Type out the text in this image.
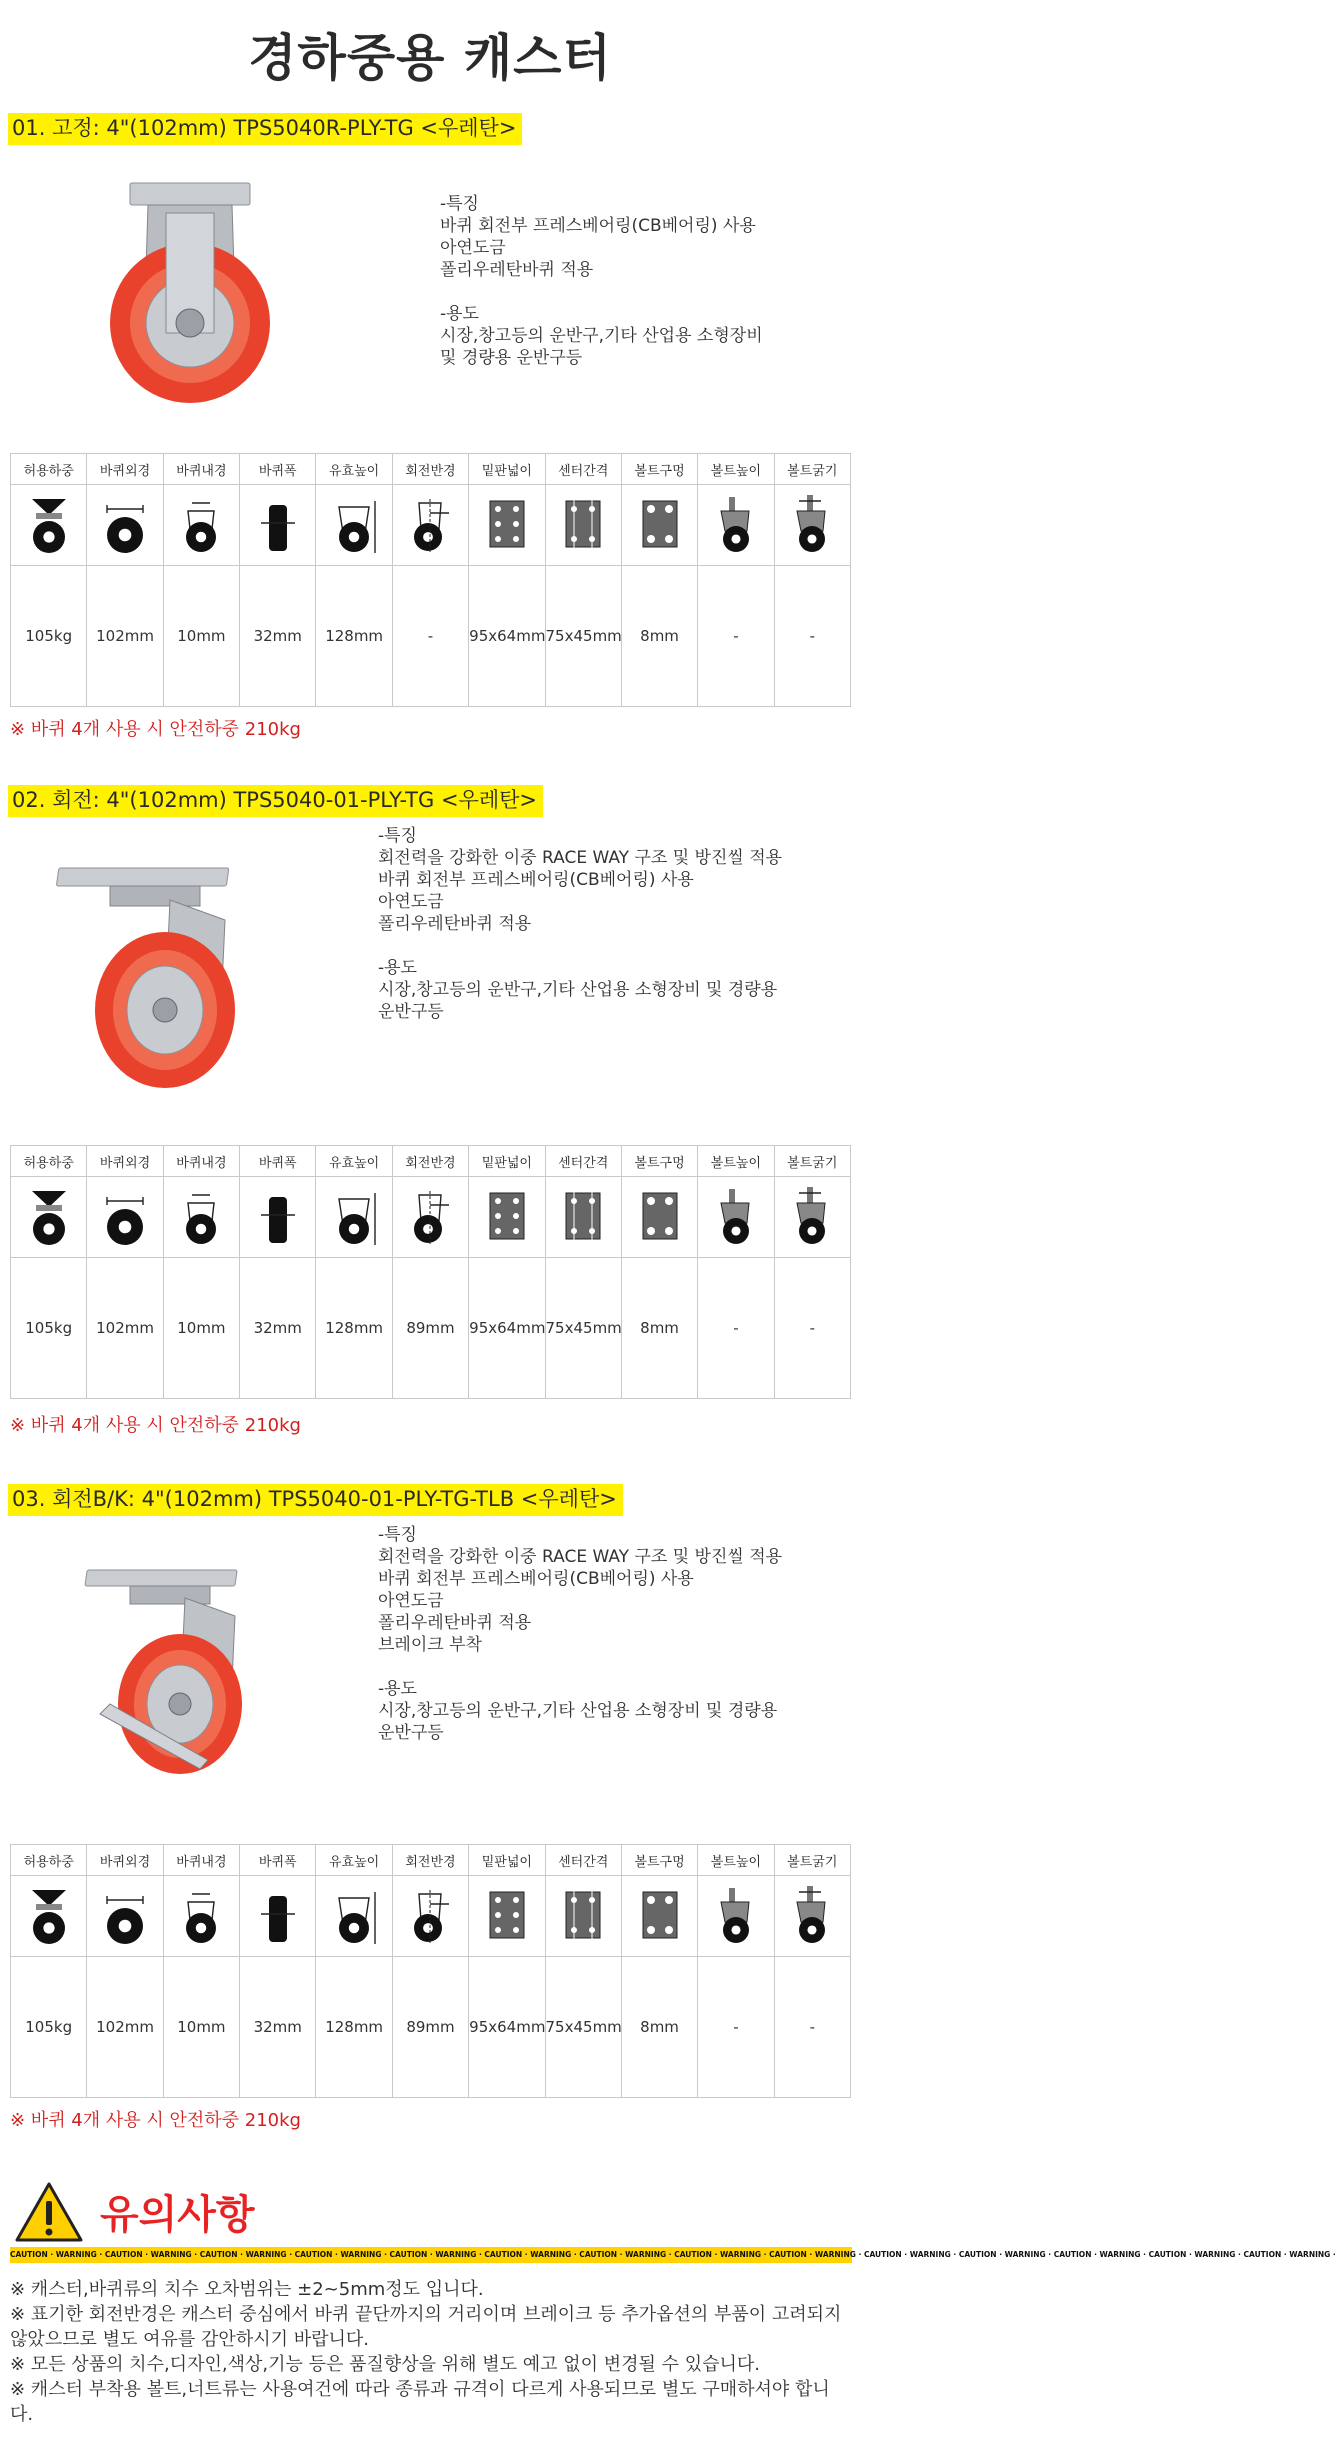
경하중용 캐스터
01. 고정: 4"(102mm) TPS5040R-PLY-TG <우레탄>

-특징

바퀴 회전부 프레스베어링(CB베어링) 사용

아연도금

폴리우레탄바퀴 적용

-용도

시장,창고등의 운반구,기타 산업용 소형장비

및 경량용 운반구등

허용하중	바퀴외경	바퀴내경	바퀴폭	유효높이	회전반경	밑판넓이	센터간격	볼트구멍	볼트높이	볼트굵기

105kg	102mm	10mm	32mm	128mm	-	95x64mm	75x45mm	8mm	-	-
※ 바퀴 4개 사용 시 안전하중 210kg
02. 회전: 4"(102mm) TPS5040-01-PLY-TG <우레탄>

-특징

회전력을 강화한 이중 RACE WAY 구조 및 방진씰 적용

바퀴 회전부 프레스베어링(CB베어링) 사용

아연도금

폴리우레탄바퀴 적용

-용도

시장,창고등의 운반구,기타 산업용 소형장비 및 경량용

운반구등

허용하중	바퀴외경	바퀴내경	바퀴폭	유효높이	회전반경	밑판넓이	센터간격	볼트구멍	볼트높이	볼트굵기

105kg	102mm	10mm	32mm	128mm	89mm	95x64mm	75x45mm	8mm	-	-
※ 바퀴 4개 사용 시 안전하중 210kg
03. 회전B/K: 4"(102mm) TPS5040-01-PLY-TG-TLB <우레탄>

-특징

회전력을 강화한 이중 RACE WAY 구조 및 방진씰 적용

바퀴 회전부 프레스베어링(CB베어링) 사용

아연도금

폴리우레탄바퀴 적용

브레이크 부착

-용도

시장,창고등의 운반구,기타 산업용 소형장비 및 경량용

운반구등

허용하중	바퀴외경	바퀴내경	바퀴폭	유효높이	회전반경	밑판넓이	센터간격	볼트구멍	볼트높이	볼트굵기

105kg	102mm	10mm	32mm	128mm	89mm	95x64mm	75x45mm	8mm	-	-
※ 바퀴 4개 사용 시 안전하중 210kg
유의사항
CAUTION · WARNING · CAUTION · WARNING · CAUTION · WARNING · CAUTION · WARNING · CAUTION · WARNING · CAUTION · WARNING · CAUTION · WARNING · CAUTION · WARNING · CAUTION · WARNING · CAUTION · WARNING · CAUTION · WARNING · CAUTION · WARNING · CAUTION · WARNING · CAUTION · WARNING ·

※ 캐스터,바퀴류의 치수 오차범위는 ±2~5mm정도 입니다.

※ 표기한 회전반경은 캐스터 중심에서 바퀴 끝단까지의 거리이며 브레이크 등 추가옵션의 부품이 고려되지 않았으므로 별도 여유를 감안하시기 바랍니다.

※ 모든 상품의 치수,디자인,색상,기능 등은 품질향상을 위해 별도 예고 없이 변경될 수 있습니다.

※ 캐스터 부착용 볼트,너트류는 사용여건에 따라 종류과 규격이 다르게 사용되므로 별도 구매하셔야 합니다.
